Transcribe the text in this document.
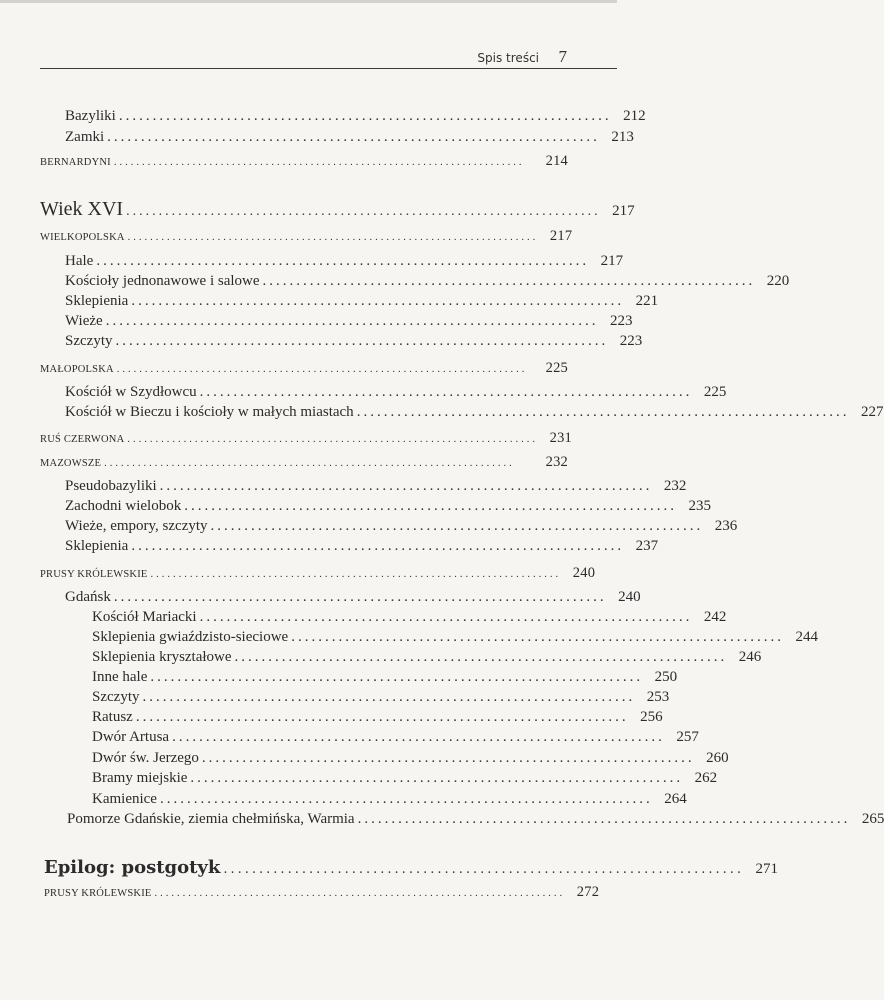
Spis treści 7
Bazyliki ......................................................................... 212
Zamki ......................................................................... 213
BERNARDYNI .........................................................................	214
Wiek XVI ......................................................................... 217
WIELKOPOLSKA ......................................................................... 217
Hale ......................................................................... 217
Kościoły jednonawowe i salowe ......................................................................... 220
Sklepienia ......................................................................... 221
Wieże ......................................................................... 223
Szczyty ......................................................................... 223
MAŁOPOLSKA .........................................................................	225
Kościół w Szydłowcu ......................................................................... 225
Kościół w Bieczu i kościoły w małych miastach ......................................................................... 227
RUŚ CZERWONA ......................................................................... 231
MAZOWSZE .........................................................................	232
Pseudobazyliki ......................................................................... 232
Zachodni wielobok ......................................................................... 235
Wieże, empory, szczyty ......................................................................... 236
Sklepienia ......................................................................... 237
PRUSY KRÓLEWSKIE ......................................................................... 240
Gdańsk ......................................................................... 240
Kościół Mariacki ......................................................................... 242
Sklepienia gwiaździsto-sieciowe ......................................................................... 244
Sklepienia kryształowe ......................................................................... 246
Inne hale ......................................................................... 250
Szczyty ......................................................................... 253
Ratusz ......................................................................... 256
Dwór Artusa ......................................................................... 257
Dwór św. Jerzego ......................................................................... 260
Bramy miejskie ......................................................................... 262
Kamienice ......................................................................... 264
Pomorze Gdańskie, ziemia chełmińska, Warmia ......................................................................... 265
Epilog: postgotyk ......................................................................... 271
PRUSY KRÓLEWSKIE ......................................................................... 272
